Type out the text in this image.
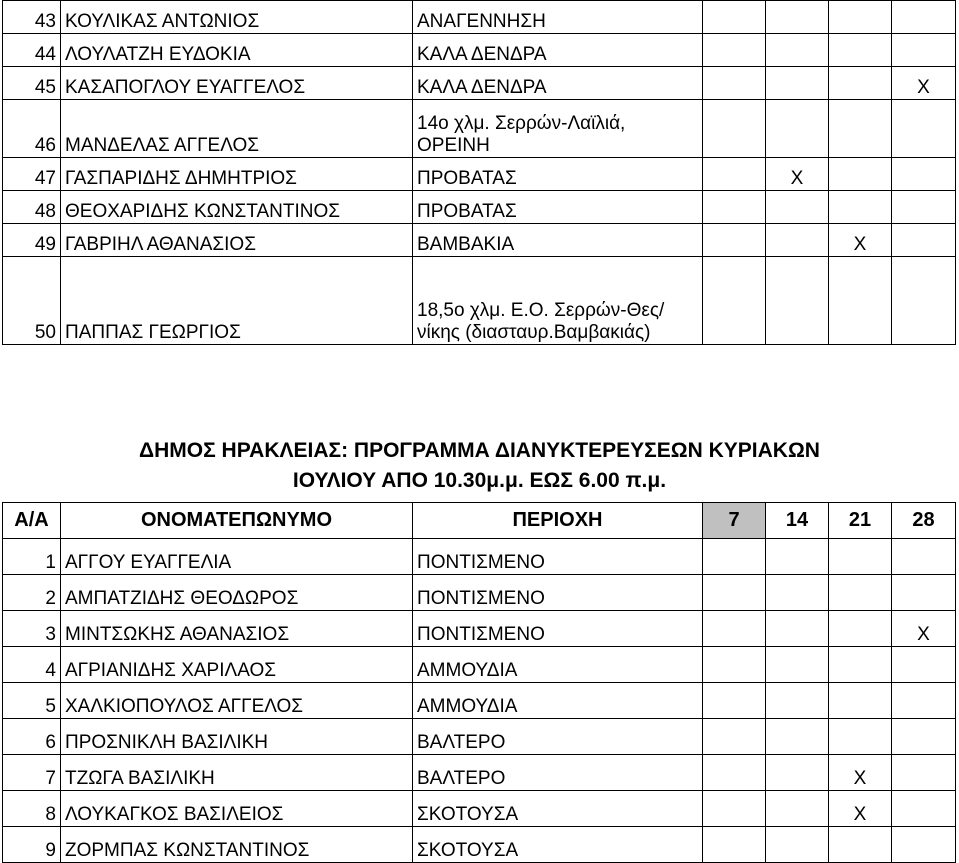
43	ΚΟΥΛΙΚΑΣ ΑΝΤΩΝΙΟΣ	ΑΝΑΓΕΝΝΗΣΗ				
44	ΛΟΥΛΑΤΖΗ ΕΥΔΟΚΙΑ	ΚΑΛΑ ΔΕΝΔΡΑ				
45	ΚΑΣΑΠΟΓΛΟΥ ΕΥΑΓΓΕΛΟΣ	ΚΑΛΑ ΔΕΝΔΡΑ				X
46	ΜΑΝΔΕΛΑΣ ΑΓΓΕΛΟΣ	14ο χλμ. Σερρών-Λαϊλιά, ΟΡΕΙΝΗ				
47	ΓΑΣΠΑΡΙΔΗΣ ΔΗΜΗΤΡΙΟΣ	ΠΡΟΒΑΤΑΣ		X		
48	ΘΕΟΧΑΡΙΔΗΣ ΚΩΝΣΤΑΝΤΙΝΟΣ	ΠΡΟΒΑΤΑΣ				
49	ΓΑΒΡΙΗΛ ΑΘΑΝΑΣΙΟΣ	ΒΑΜΒΑΚΙΑ			X	
50	ΠΑΠΠΑΣ ΓΕΩΡΓΙΟΣ	18,5ο χλμ. Ε.Ο. Σερρών-Θες/νίκης (διασταυρ.Βαμβακιάς)				
ΔΗΜΟΣ ΗΡΑΚΛΕΙΑΣ: ΠΡΟΓΡΑΜΜΑ ΔΙΑΝΥΚΤΕΡΕΥΣΕΩΝ ΚΥΡΙΑΚΩΝ
ΙΟΥΛΙΟΥ ΑΠΟ 10.30μ.μ. ΕΩΣ 6.00 π.μ.
Α/Α	ΟΝΟΜΑΤΕΠΩΝΥΜΟ	ΠΕΡΙΟΧΗ	7	14	21	28
1	ΑΓΓΟΥ ΕΥΑΓΓΕΛΙΑ	ΠΟΝΤΙΣΜΕΝΟ				
2	ΑΜΠΑΤΖΙΔΗΣ ΘΕΟΔΩΡΟΣ	ΠΟΝΤΙΣΜΕΝΟ				
3	ΜΙΝΤΣΩΚΗΣ ΑΘΑΝΑΣΙΟΣ	ΠΟΝΤΙΣΜΕΝΟ				X
4	ΑΓΡΙΑΝΙΔΗΣ ΧΑΡΙΛΑΟΣ	ΑΜΜΟΥΔΙΑ				
5	ΧΑΛΚΙΟΠΟΥΛΟΣ ΑΓΓΕΛΟΣ	ΑΜΜΟΥΔΙΑ				
6	ΠΡΟΣΝΙΚΛΗ ΒΑΣΙΛΙΚΗ	ΒΑΛΤΕΡΟ				
7	ΤΖΩΓΑ ΒΑΣΙΛΙΚΗ	ΒΑΛΤΕΡΟ			X	
8	ΛΟΥΚΑΓΚΟΣ ΒΑΣΙΛΕΙΟΣ	ΣΚΟΤΟΥΣΑ			X	
9	ΖΟΡΜΠΑΣ ΚΩΝΣΤΑΝΤΙΝΟΣ	ΣΚΟΤΟΥΣΑ				
